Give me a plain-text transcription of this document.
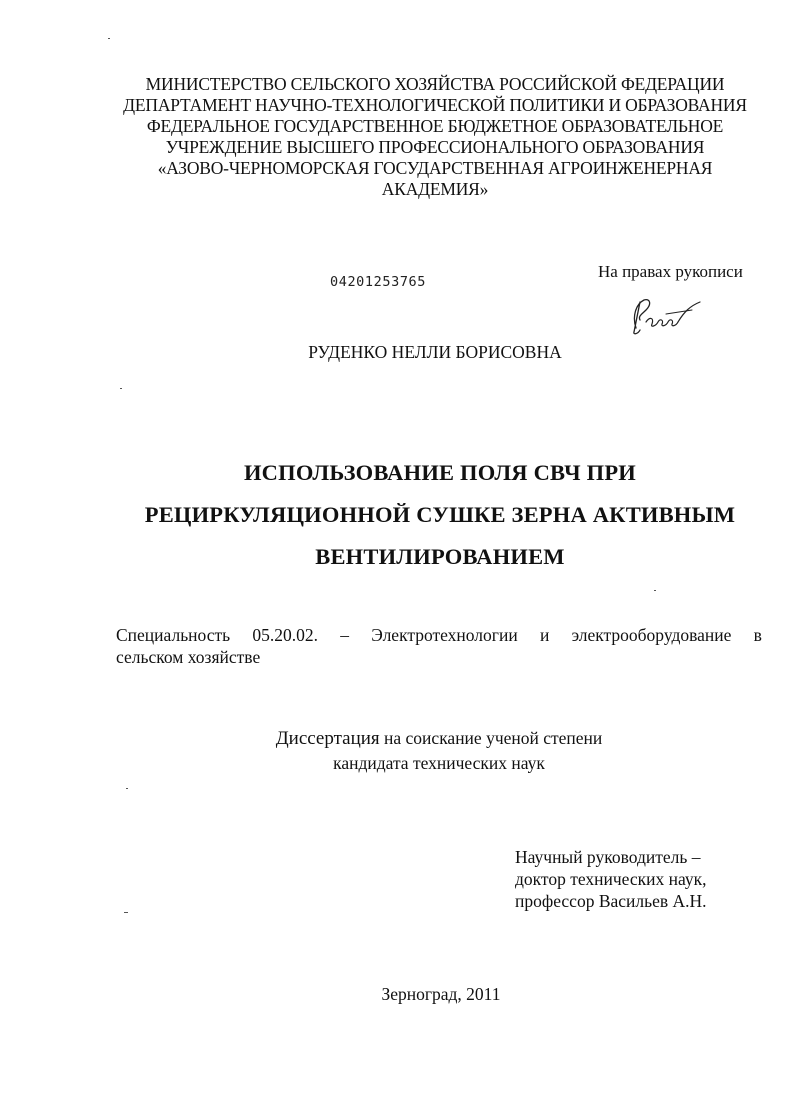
МИНИСТЕРСТВО СЕЛЬСКОГО ХОЗЯЙСТВА РОССИЙСКОЙ ФЕДЕРАЦИИ
ДЕПАРТАМЕНТ НАУЧНО-ТЕХНОЛОГИЧЕСКОЙ ПОЛИТИКИ И ОБРАЗОВАНИЯ
ФЕДЕРАЛЬНОЕ ГОСУДАРСТВЕННОЕ БЮДЖЕТНОЕ ОБРАЗОВАТЕЛЬНОЕ
УЧРЕЖДЕНИЕ ВЫСШЕГО ПРОФЕССИОНАЛЬНОГО ОБРАЗОВАНИЯ
«АЗОВО-ЧЕРНОМОРСКАЯ ГОСУДАРСТВЕННАЯ АГРОИНЖЕНЕРНАЯ
АКАДЕМИЯ»
04201253765
На правах рукописи
РУДЕНКО НЕЛЛИ БОРИСОВНА
ИСПОЛЬЗОВАНИЕ ПОЛЯ СВЧ ПРИ
РЕЦИРКУЛЯЦИОННОЙ СУШКЕ ЗЕРНА АКТИВНЫМ
ВЕНТИЛИРОВАНИЕМ
Специальность 05.20.02. – Электротехнологии и электрооборудование в
сельском хозяйстве
Диссертация на соискание ученой степени
кандидата технических наук
Научный руководитель –
доктор технических наук,
профессор Васильев А.Н.
Зерноград, 2011
